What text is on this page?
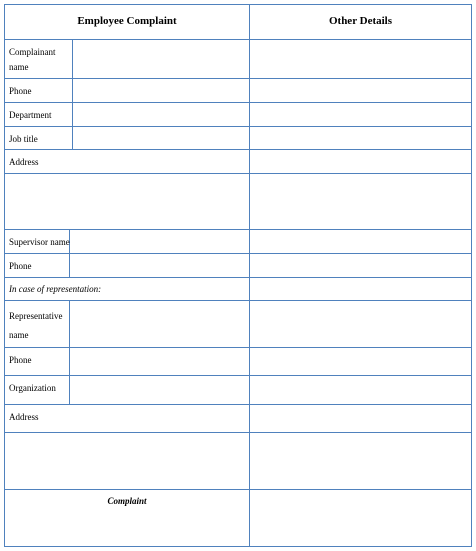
Employee Complaint	Other Details
Complainant name
Phone
Department
Job title
Address
Supervisor name
Phone
In case of representation:
Representative name
Phone
Organization
Address
Complaint
